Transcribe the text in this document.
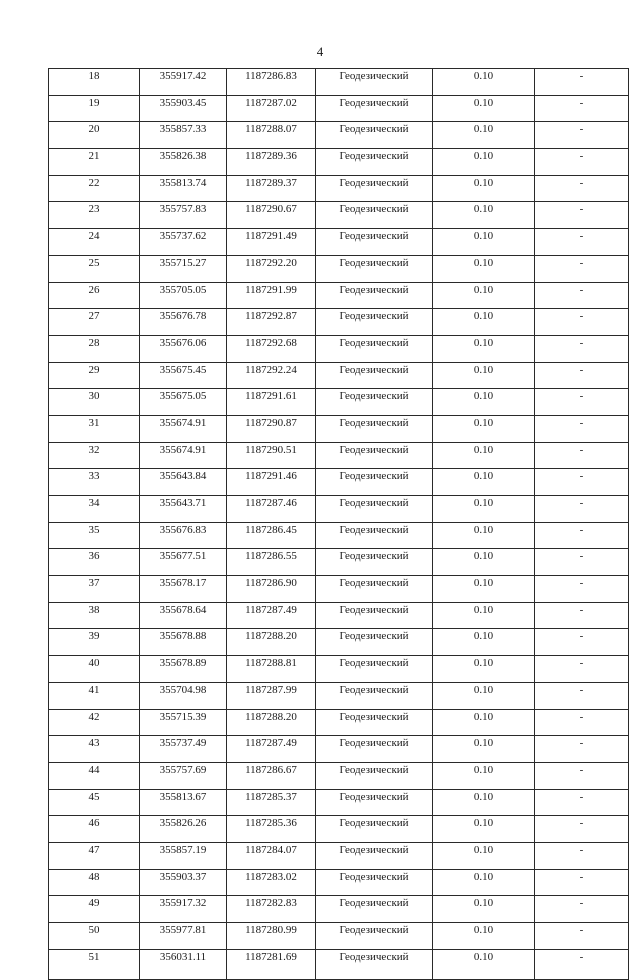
4
18	355917.42	1187286.83	Геодезический	0.10	-
19	355903.45	1187287.02	Геодезический	0.10	-
20	355857.33	1187288.07	Геодезический	0.10	-
21	355826.38	1187289.36	Геодезический	0.10	-
22	355813.74	1187289.37	Геодезический	0.10	-
23	355757.83	1187290.67	Геодезический	0.10	-
24	355737.62	1187291.49	Геодезический	0.10	-
25	355715.27	1187292.20	Геодезический	0.10	-
26	355705.05	1187291.99	Геодезический	0.10	-
27	355676.78	1187292.87	Геодезический	0.10	-
28	355676.06	1187292.68	Геодезический	0.10	-
29	355675.45	1187292.24	Геодезический	0.10	-
30	355675.05	1187291.61	Геодезический	0.10	-
31	355674.91	1187290.87	Геодезический	0.10	-
32	355674.91	1187290.51	Геодезический	0.10	-
33	355643.84	1187291.46	Геодезический	0.10	-
34	355643.71	1187287.46	Геодезический	0.10	-
35	355676.83	1187286.45	Геодезический	0.10	-
36	355677.51	1187286.55	Геодезический	0.10	-
37	355678.17	1187286.90	Геодезический	0.10	-
38	355678.64	1187287.49	Геодезический	0.10	-
39	355678.88	1187288.20	Геодезический	0.10	-
40	355678.89	1187288.81	Геодезический	0.10	-
41	355704.98	1187287.99	Геодезический	0.10	-
42	355715.39	1187288.20	Геодезический	0.10	-
43	355737.49	1187287.49	Геодезический	0.10	-
44	355757.69	1187286.67	Геодезический	0.10	-
45	355813.67	1187285.37	Геодезический	0.10	-
46	355826.26	1187285.36	Геодезический	0.10	-
47	355857.19	1187284.07	Геодезический	0.10	-
48	355903.37	1187283.02	Геодезический	0.10	-
49	355917.32	1187282.83	Геодезический	0.10	-
50	355977.81	1187280.99	Геодезический	0.10	-
51	356031.11	1187281.69	Геодезический	0.10	-
